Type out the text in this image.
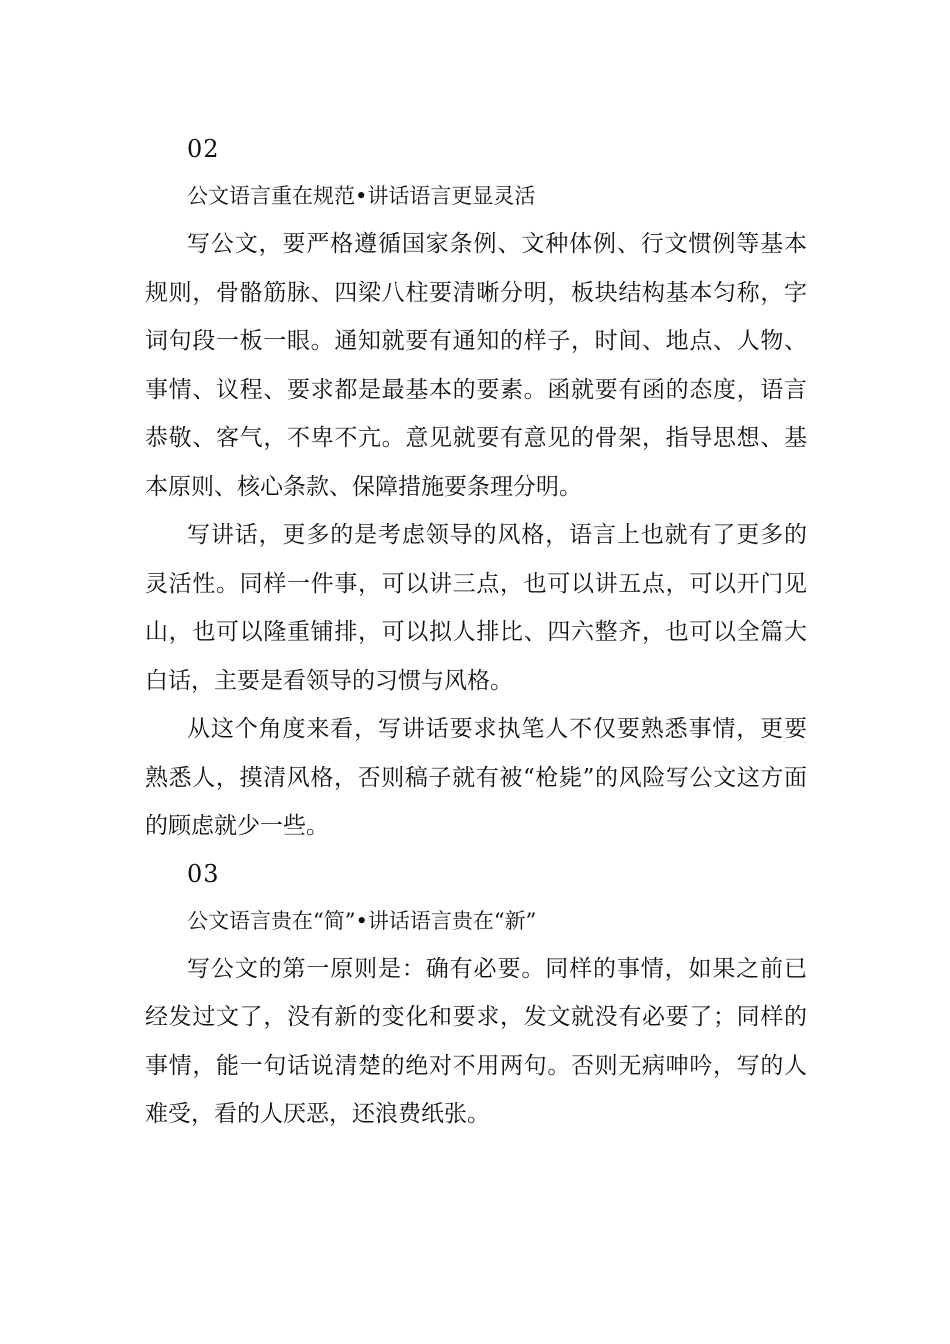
02
公文语言重在规范•讲话语言更显灵活

写公文，要严格遵循国家条例、文种体例、行文惯例等基本规则，骨骼筋脉、四梁八柱要清晰分明，板块结构基本匀称，字词句段一板一眼。通知就要有通知的样子，时间、地点、人物、事情、议程、要求都是最基本的要素。函就要有函的态度，语言恭敬、客气，不卑不亢。意见就要有意见的骨架，指导思想、基本原则、核心条款、保障措施要条理分明。

写讲话，更多的是考虑领导的风格，语言上也就有了更多的灵活性。同样一件事，可以讲三点，也可以讲五点，可以开门见山，也可以隆重铺排，可以拟人排比、四六整齐，也可以全篇大白话，主要是看领导的习惯与风格。

从这个角度来看，写讲话要求执笔人不仅要熟悉事情，更要熟悉人，摸清风格，否则稿子就有被“枪毙”的风险写公文这方面的顾虑就少一些。

03
公文语言贵在“简”•讲话语言贵在“新”

写公文的第一原则是：确有必要。同样的事情，如果之前已经发过文了，没有新的变化和要求，发文就没有必要了；同样的事情，能一句话说清楚的绝对不用两句。否则无病呻吟，写的人难受，看的人厌恶，还浪费纸张。
